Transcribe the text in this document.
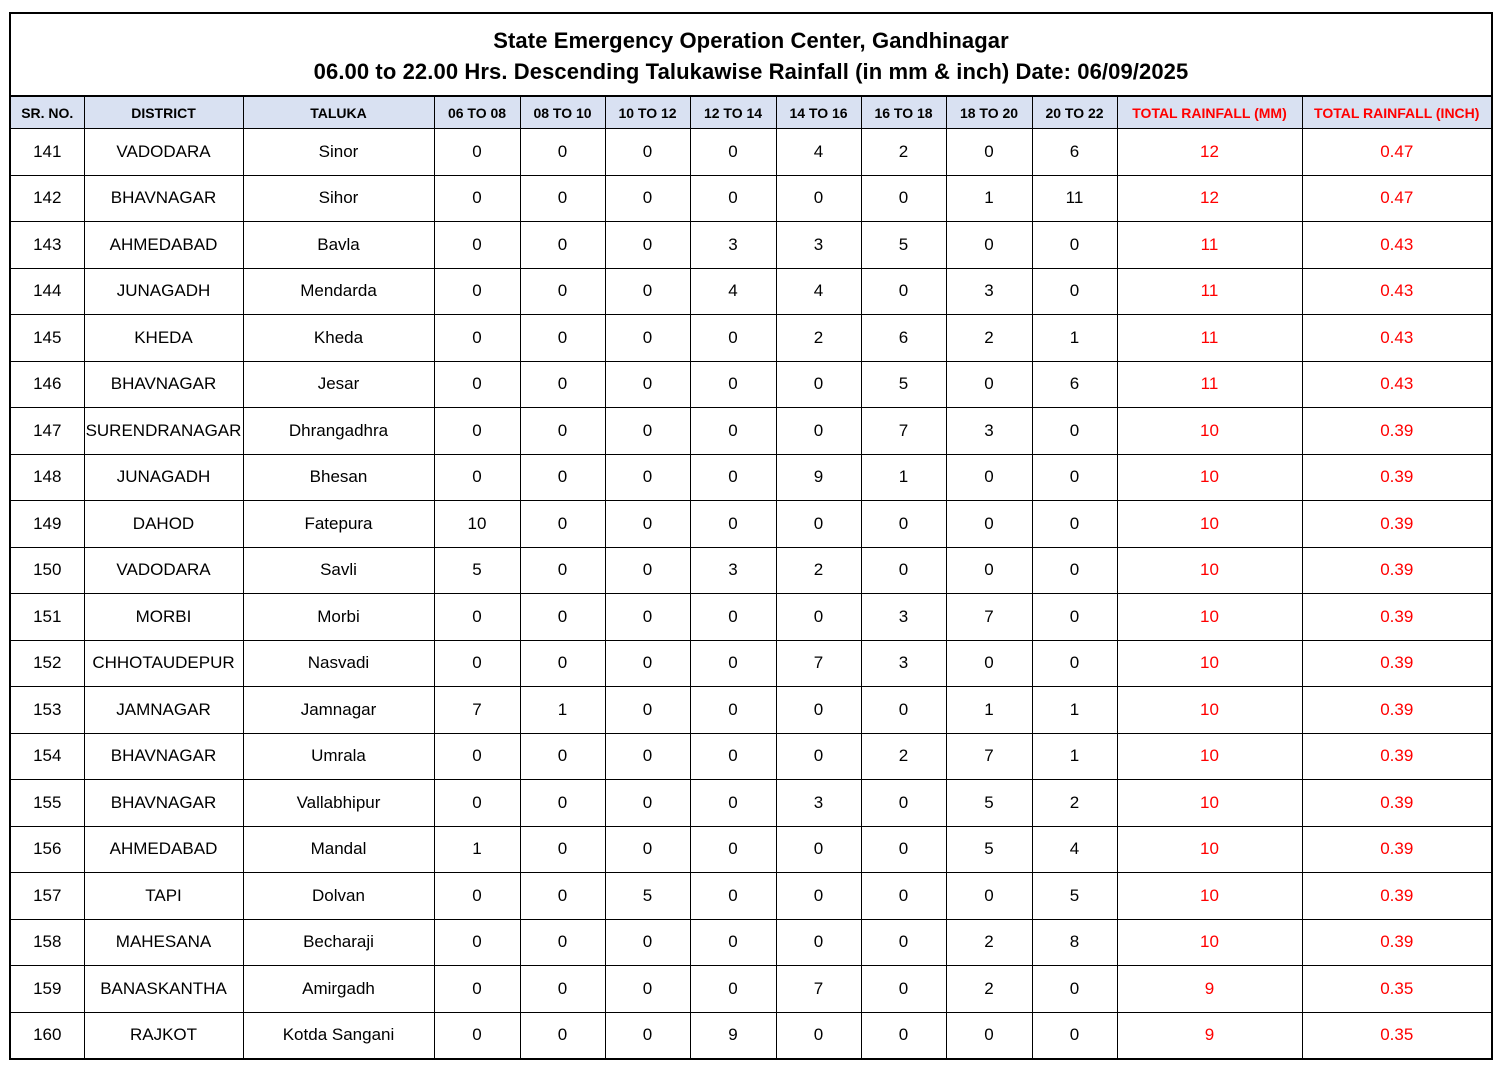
State Emergency Operation Center, Gandhinagar
06.00 to 22.00 Hrs. Descending Talukawise Rainfall (in mm & inch) Date: 06/09/2025
SR. NO.	DISTRICT	TALUKA	06 TO 08	08 TO 10	10 TO 12	12 TO 14	14 TO 16	16 TO 18	18 TO 20	20 TO 22	TOTAL RAINFALL (MM)	TOTAL RAINFALL (INCH)
141	VADODARA	Sinor	0	0	0	0	4	2	0	6	12	0.47
142	BHAVNAGAR	Sihor	0	0	0	0	0	0	1	11	12	0.47
143	AHMEDABAD	Bavla	0	0	0	3	3	5	0	0	11	0.43
144	JUNAGADH	Mendarda	0	0	0	4	4	0	3	0	11	0.43
145	KHEDA	Kheda	0	0	0	0	2	6	2	1	11	0.43
146	BHAVNAGAR	Jesar	0	0	0	0	0	5	0	6	11	0.43
147	SURENDRANAGAR	Dhrangadhra	0	0	0	0	0	7	3	0	10	0.39
148	JUNAGADH	Bhesan	0	0	0	0	9	1	0	0	10	0.39
149	DAHOD	Fatepura	10	0	0	0	0	0	0	0	10	0.39
150	VADODARA	Savli	5	0	0	3	2	0	0	0	10	0.39
151	MORBI	Morbi	0	0	0	0	0	3	7	0	10	0.39
152	CHHOTAUDEPUR	Nasvadi	0	0	0	0	7	3	0	0	10	0.39
153	JAMNAGAR	Jamnagar	7	1	0	0	0	0	1	1	10	0.39
154	BHAVNAGAR	Umrala	0	0	0	0	0	2	7	1	10	0.39
155	BHAVNAGAR	Vallabhipur	0	0	0	0	3	0	5	2	10	0.39
156	AHMEDABAD	Mandal	1	0	0	0	0	0	5	4	10	0.39
157	TAPI	Dolvan	0	0	5	0	0	0	0	5	10	0.39
158	MAHESANA	Becharaji	0	0	0	0	0	0	2	8	10	0.39
159	BANASKANTHA	Amirgadh	0	0	0	0	7	0	2	0	9	0.35
160	RAJKOT	Kotda Sangani	0	0	0	9	0	0	0	0	9	0.35
